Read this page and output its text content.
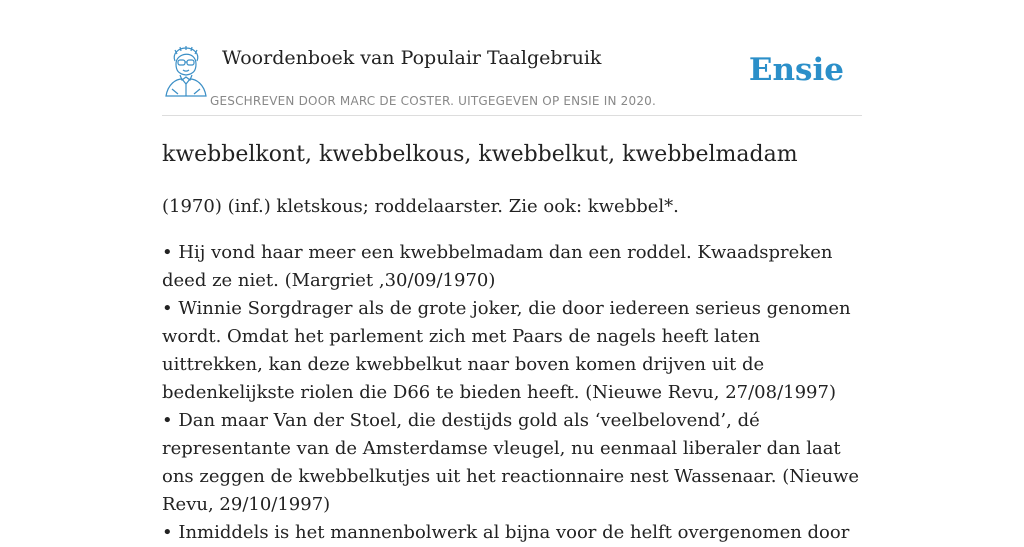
Woordenboek van Populair Taalgebruik
GESCHREVEN DOOR MARC DE COSTER. UITGEGEVEN OP ENSIE IN 2020.
Ensie
kwebbelkont, kwebbelkous, kwebbelkut, kwebbelmadam
(1970) (inf.) kletskous; roddelaarster. Zie ook: kwebbel*.

• Hij vond haar meer een kwebbelmadam dan een roddel. Kwaadspreken deed ze niet. (Margriet ,30/09/1970)

• Winnie Sorgdrager als de grote joker, die door iedereen serieus genomen wordt. Omdat het parlement zich met Paars de nagels heeft laten uittrekken, kan deze kwebbelkut naar boven komen drijven uit de bedenkelijkste riolen die D66 te bieden heeft. (Nieuwe Revu, 27/08/1997)

• Dan maar Van der Stoel, die destijds gold als ‘veelbelovend’, dé representante van de Amsterdamse vleugel, nu eenmaal liberaler dan laat ons zeggen de kwebbelkutjes uit het reactionnaire nest Wassenaar. (Nieuwe Revu, 29/10/1997)

• Inmiddels is het mannenbolwerk al bijna voor de helft overgenomen door
